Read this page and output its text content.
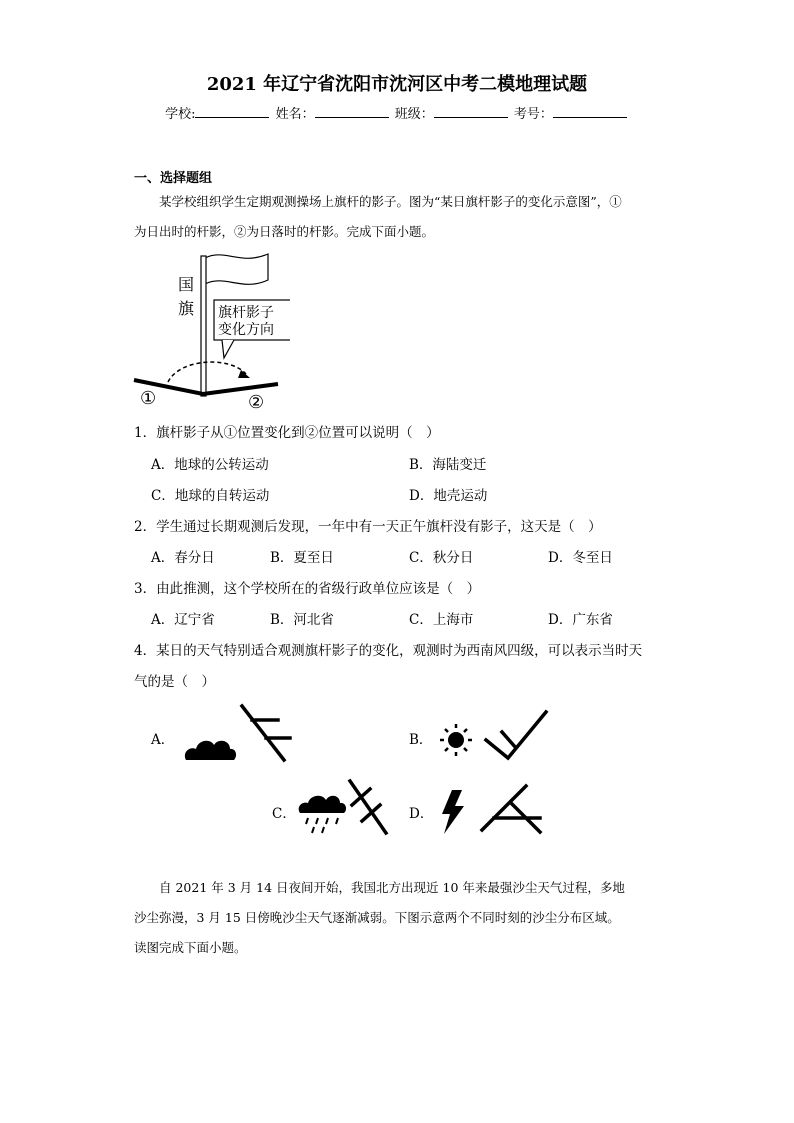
2021 年辽宁省沈阳市沈河区中考二模地理试题
学校:	姓名：	班级：	考号：
一、选择题组
某学校组织学生定期观测操场上旗杆的影子。图为“某日旗杆影子的变化示意图”，①
为日出时的杆影，②为日落时的杆影。完成下面小题。
国
旗 旗杆影子
变化方向
①	②
1．旗杆影子从①位置变化到②位置可以说明（　）
A．地球的公转运动	B．海陆变迁
C．地球的自转运动	D．地壳运动
2．学生通过长期观测后发现，一年中有一天正午旗杆没有影子，这天是（　）
A．春分日	B．夏至日	C．秋分日	D．冬至日
3．由此推测，这个学校所在的省级行政单位应该是（　）
A．辽宁省	B．河北省	C．上海市	D．广东省
4．某日的天气特别适合观测旗杆影子的变化，观测时为西南风四级，可以表示当时天
气的是（　）
A．	B．
C．	D．
自 2021 年 3 月 14 日夜间开始，我国北方出现近 10 年来最强沙尘天气过程，多地
沙尘弥漫，3 月 15 日傍晚沙尘天气逐渐减弱。下图示意两个不同时刻的沙尘分布区域。
读图完成下面小题。
